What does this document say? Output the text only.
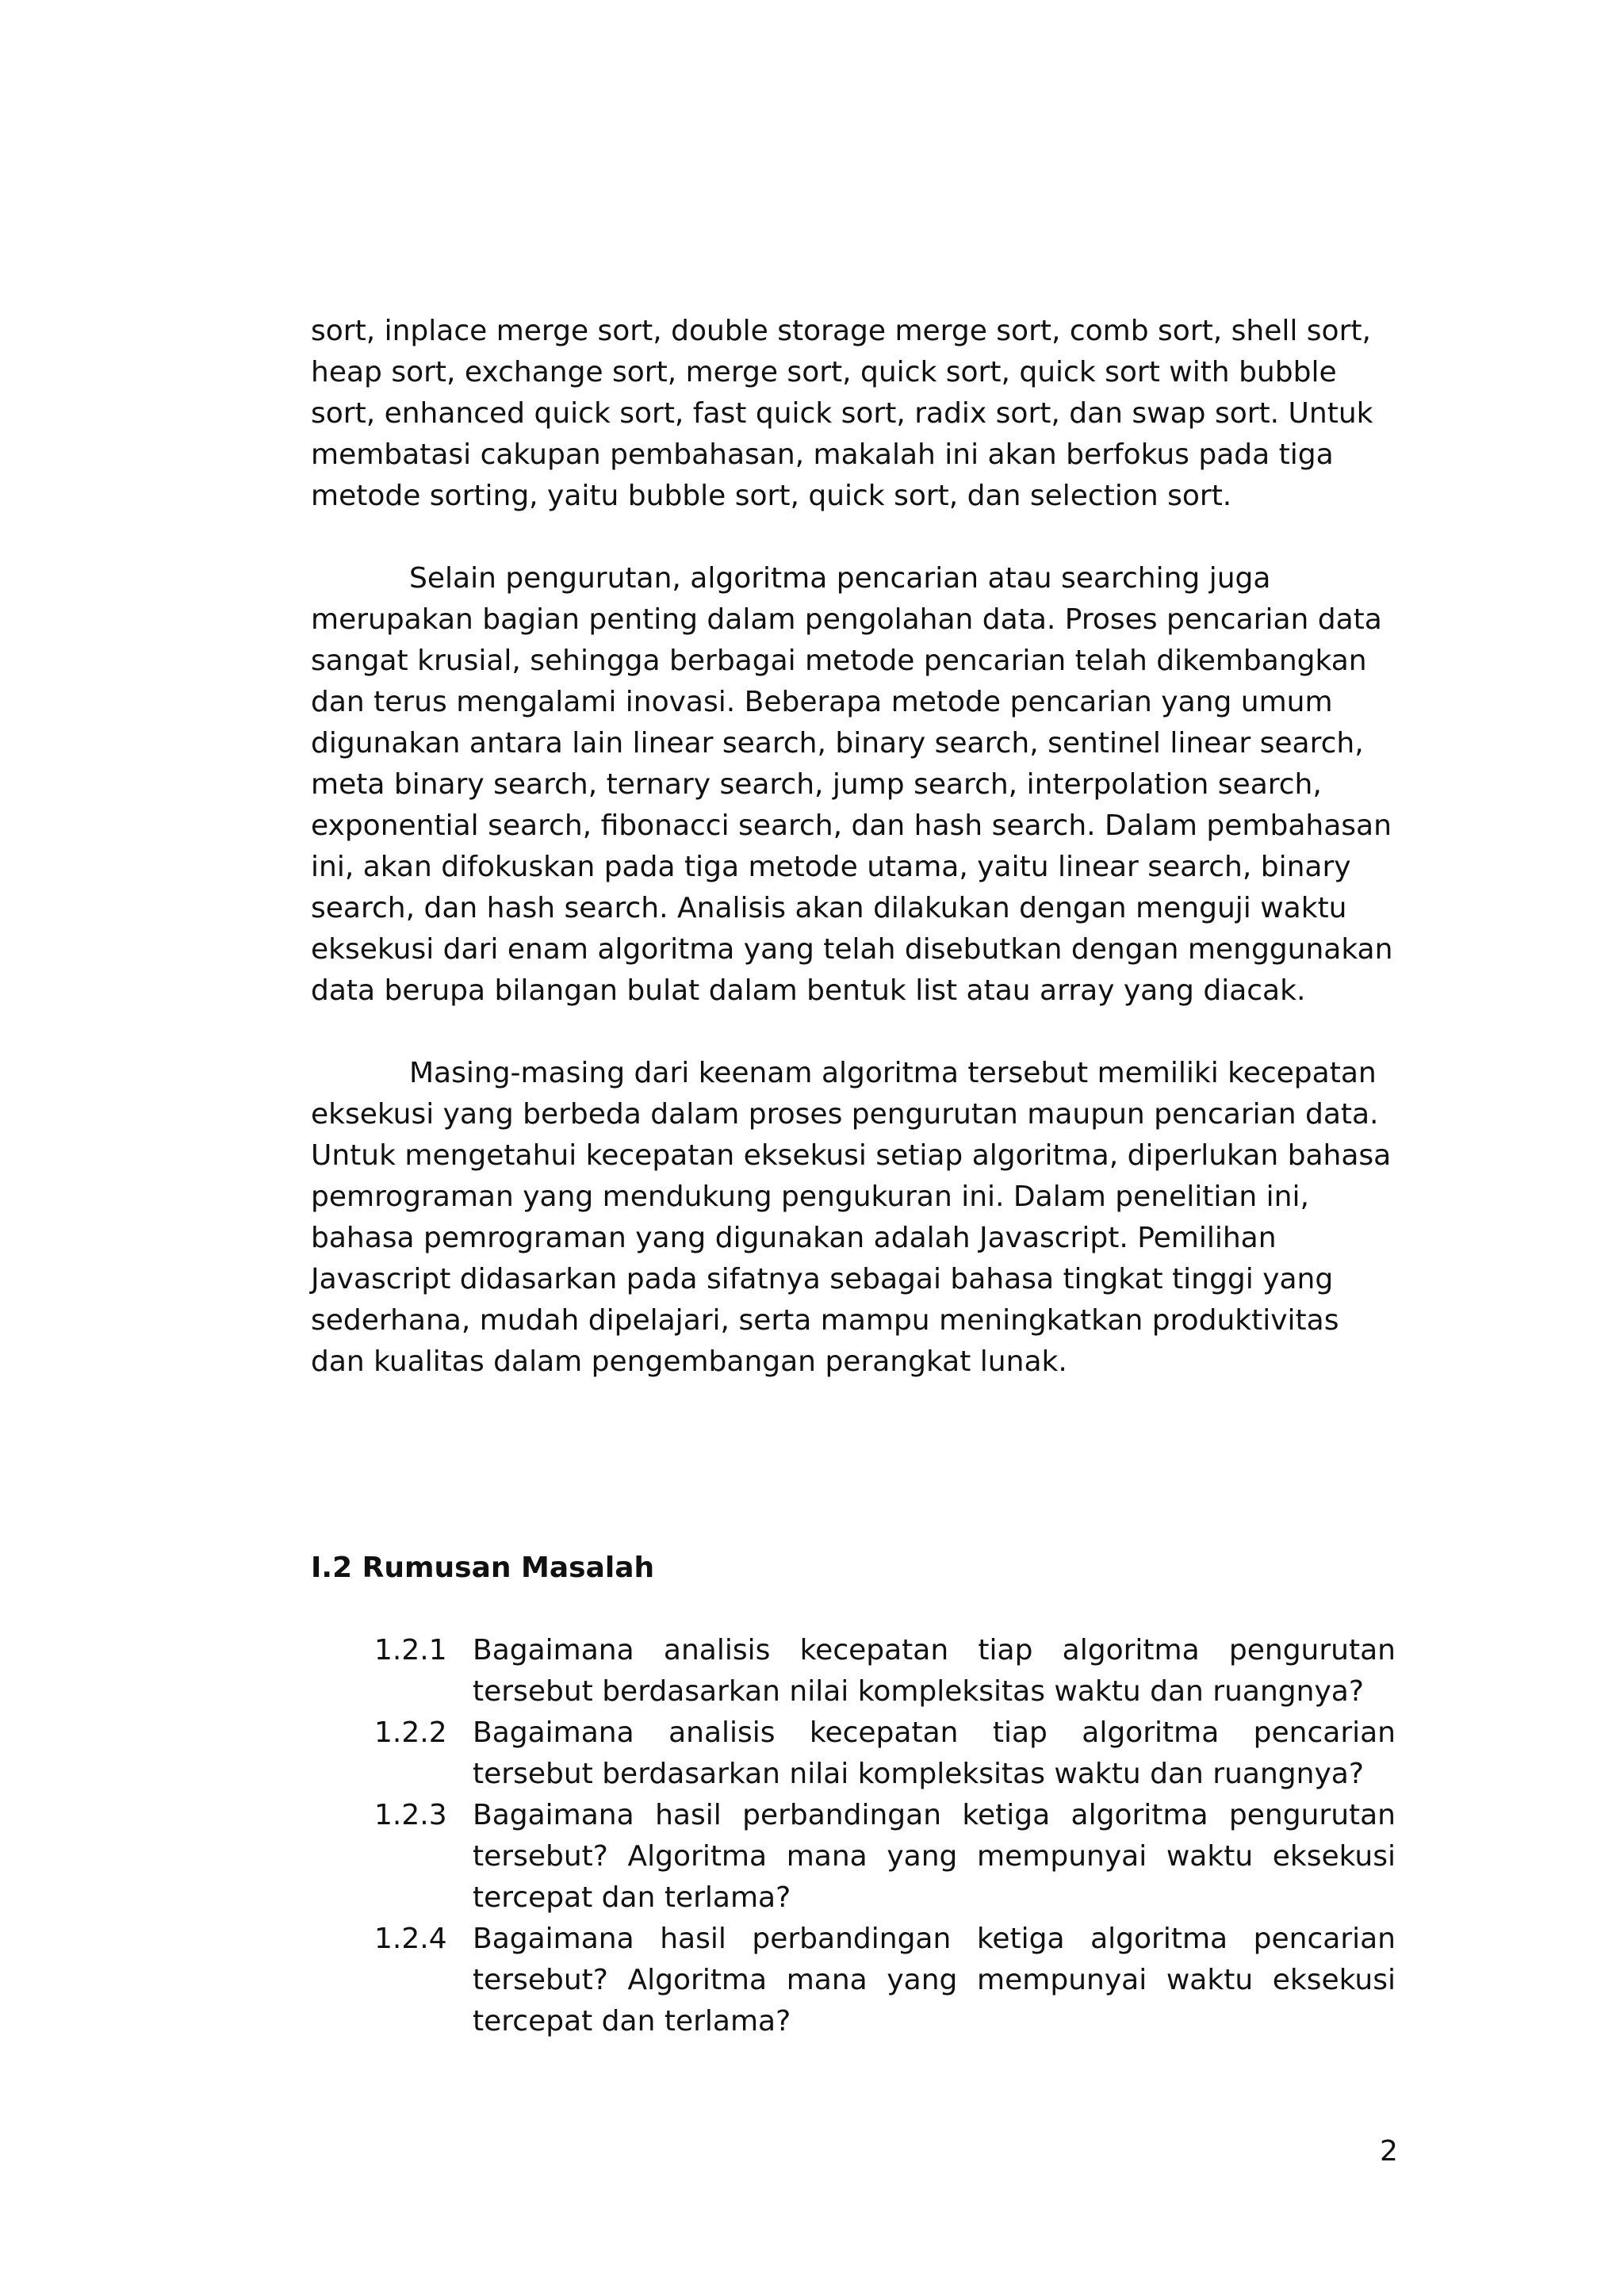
sort, inplace merge sort, double storage merge sort, comb sort, shell sort, heap sort, exchange sort, merge sort, quick sort, quick sort with bubble sort, enhanced quick sort, fast quick sort, radix sort, dan swap sort. Untuk membatasi cakupan pembahasan, makalah ini akan berfokus pada tiga metode sorting, yaitu bubble sort, quick sort, dan selection sort.

Selain pengurutan, algoritma pencarian atau searching juga merupakan bagian penting dalam pengolahan data. Proses pencarian data sangat krusial, sehingga berbagai metode pencarian telah dikembangkan dan terus mengalami inovasi. Beberapa metode pencarian yang umum digunakan antara lain linear search, binary search, sentinel linear search, meta binary search, ternary search, jump search, interpolation search, exponential search, fibonacci search, dan hash search. Dalam pembahasan ini, akan difokuskan pada tiga metode utama, yaitu linear search, binary search, dan hash search. Analisis akan dilakukan dengan menguji waktu eksekusi dari enam algoritma yang telah disebutkan dengan menggunakan data berupa bilangan bulat dalam bentuk list atau array yang diacak.

Masing-masing dari keenam algoritma tersebut memiliki kecepatan eksekusi yang berbeda dalam proses pengurutan maupun pencarian data. Untuk mengetahui kecepatan eksekusi setiap algoritma, diperlukan bahasa pemrograman yang mendukung pengukuran ini. Dalam penelitian ini, bahasa pemrograman yang digunakan adalah Javascript. Pemilihan Javascript didasarkan pada sifatnya sebagai bahasa tingkat tinggi yang sederhana, mudah dipelajari, serta mampu meningkatkan produktivitas dan kualitas dalam pengembangan perangkat lunak.

I.2 Rumusan Masalah
1.2.1 Bagaimana analisis kecepatan tiap algoritma pengurutan tersebut berdasarkan nilai kompleksitas waktu dan ruangnya?
1.2.2 Bagaimana analisis kecepatan tiap algoritma pencarian tersebut berdasarkan nilai kompleksitas waktu dan ruangnya?
1.2.3 Bagaimana hasil perbandingan ketiga algoritma pengurutan tersebut? Algoritma mana yang mempunyai waktu eksekusi tercepat dan terlama?
1.2.4 Bagaimana hasil perbandingan ketiga algoritma pencarian tersebut? Algoritma mana yang mempunyai waktu eksekusi tercepat dan terlama?
2
